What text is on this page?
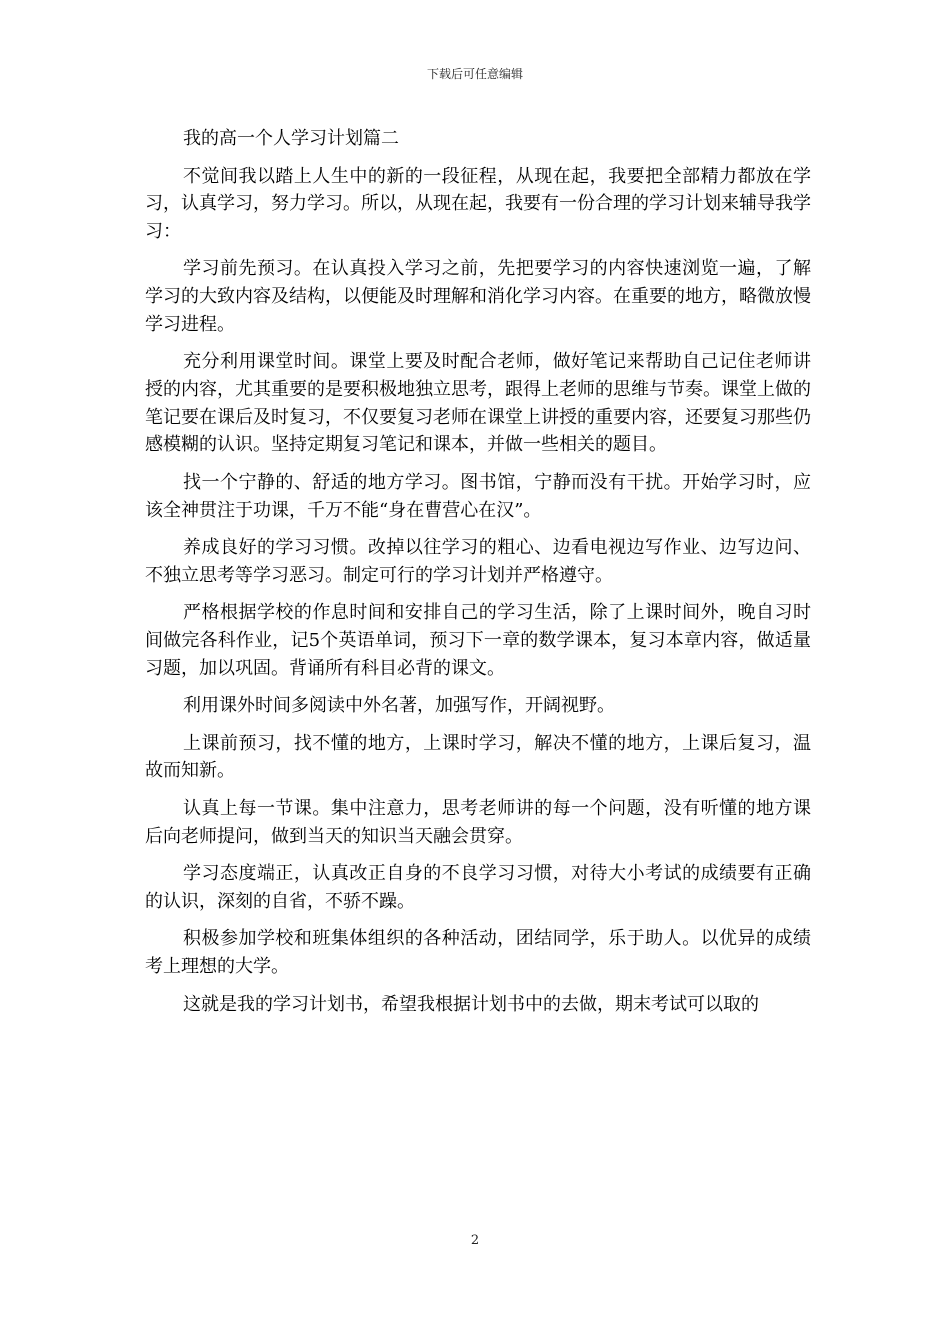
下载后可任意编辑

我的高一个人学习计划篇二

不觉间我以踏上人生中的新的一段征程，从现在起，我要把全部精力都放在学习，认真学习，努力学习。所以，从现在起，我要有一份合理的学习计划来辅导我学习：

学习前先预习。在认真投入学习之前，先把要学习的内容快速浏览一遍，了解学习的大致内容及结构，以便能及时理解和消化学习内容。在重要的地方，略微放慢学习进程。

充分利用课堂时间。课堂上要及时配合老师，做好笔记来帮助自己记住老师讲授的内容，尤其重要的是要积极地独立思考，跟得上老师的思维与节奏。课堂上做的笔记要在课后及时复习，不仅要复习老师在课堂上讲授的重要内容，还要复习那些仍感模糊的认识。坚持定期复习笔记和课本，并做一些相关的题目。

找一个宁静的、舒适的地方学习。图书馆，宁静而没有干扰。开始学习时，应该全神贯注于功课，千万不能“身在曹营心在汉”。

养成良好的学习习惯。改掉以往学习的粗心、边看电视边写作业、边写边问、不独立思考等学习恶习。制定可行的学习计划并严格遵守。

严格根据学校的作息时间和安排自己的学习生活，除了上课时间外，晚自习时间做完各科作业，记5个英语单词，预习下一章的数学课本，复习本章内容，做适量习题，加以巩固。背诵所有科目必背的课文。

利用课外时间多阅读中外名著，加强写作，开阔视野。

上课前预习，找不懂的地方，上课时学习，解决不懂的地方，上课后复习，温故而知新。

认真上每一节课。集中注意力，思考老师讲的每一个问题，没有听懂的地方课后向老师提问，做到当天的知识当天融会贯穿。

学习态度端正，认真改正自身的不良学习习惯，对待大小考试的成绩要有正确的认识，深刻的自省，不骄不躁。

积极参加学校和班集体组织的各种活动，团结同学，乐于助人。以优异的成绩考上理想的大学。

这就是我的学习计划书，希望我根据计划书中的去做，期末考试可以取的

2
